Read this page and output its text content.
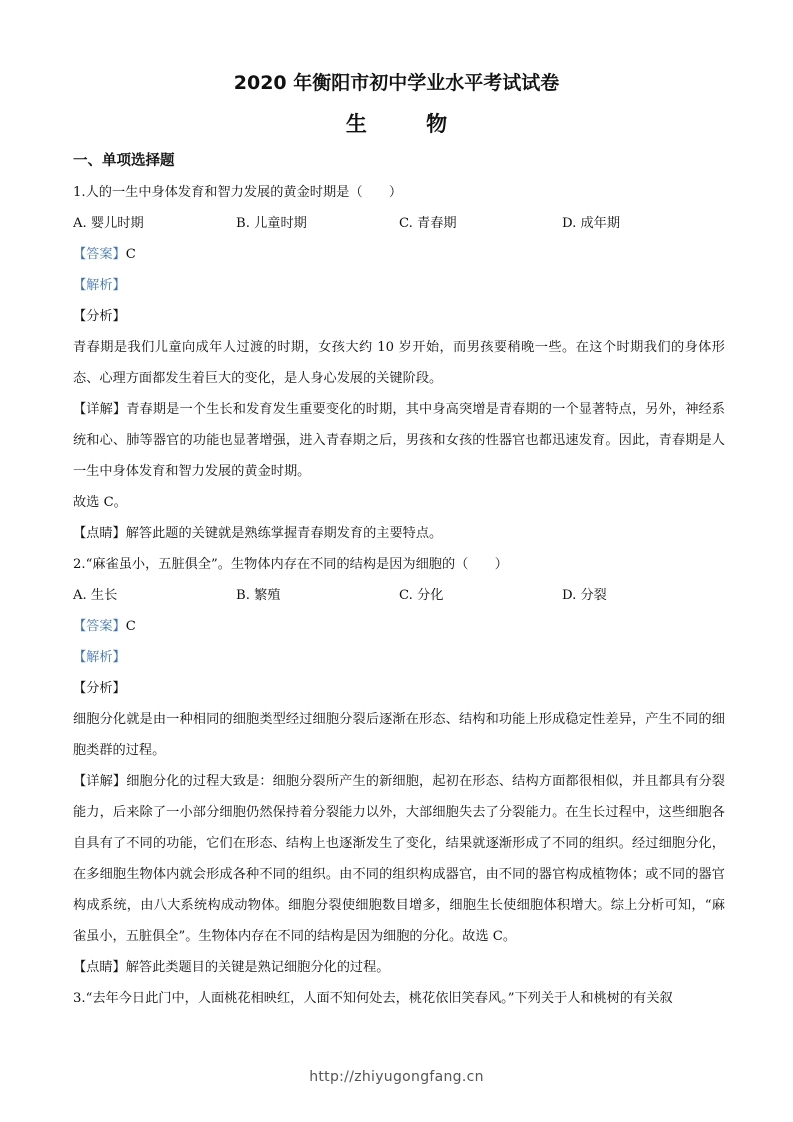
2020 年衡阳市初中学业水平考试试卷
生 物
一、单项选择题
1.人的一生中身体发育和智力发展的黄金时期是（　　）
A. 婴儿时期	B. 儿童时期	C. 青春期	D. 成年期
【答案】C
【解析】
【分析】
青春期是我们儿童向成年人过渡的时期，女孩大约 10 岁开始，而男孩要稍晚一些。在这个时期我们的身体形态、心理方面都发生着巨大的变化，是人身心发展的关键阶段。
【详解】青春期是一个生长和发育发生重要变化的时期，其中身高突增是青春期的一个显著特点，另外，神经系统和心、肺等器官的功能也显著增强，进入青春期之后，男孩和女孩的性器官也都迅速发育。因此，青春期是人一生中身体发育和智力发展的黄金时期。
故选 C。
【点睛】解答此题的关键就是熟练掌握青春期发育的主要特点。
2.“麻雀虽小，五脏俱全”。生物体内存在不同的结构是因为细胞的（　　）
A. 生长	B. 繁殖	C. 分化	D. 分裂
【答案】C
【解析】
【分析】
细胞分化就是由一种相同的细胞类型经过细胞分裂后逐渐在形态、结构和功能上形成稳定性差异，产生不同的细胞类群的过程。
【详解】细胞分化的过程大致是：细胞分裂所产生的新细胞，起初在形态、结构方面都很相似，并且都具有分裂能力，后来除了一小部分细胞仍然保持着分裂能力以外，大部细胞失去了分裂能力。在生长过程中，这些细胞各自具有了不同的功能，它们在形态、结构上也逐渐发生了变化，结果就逐渐形成了不同的组织。经过细胞分化，在多细胞生物体内就会形成各种不同的组织。由不同的组织构成器官，由不同的器官构成植物体；或不同的器官构成系统，由八大系统构成动物体。细胞分裂使细胞数目增多，细胞生长使细胞体积增大。综上分析可知，“麻雀虽小，五脏俱全”。生物体内存在不同的结构是因为细胞的分化。故选 C。
【点睛】解答此类题目的关键是熟记细胞分化的过程。
3.“去年今日此门中，人面桃花相映红，人面不知何处去，桃花依旧笑春风。”下列关于人和桃树的有关叙
http://zhiyugongfang.cn
